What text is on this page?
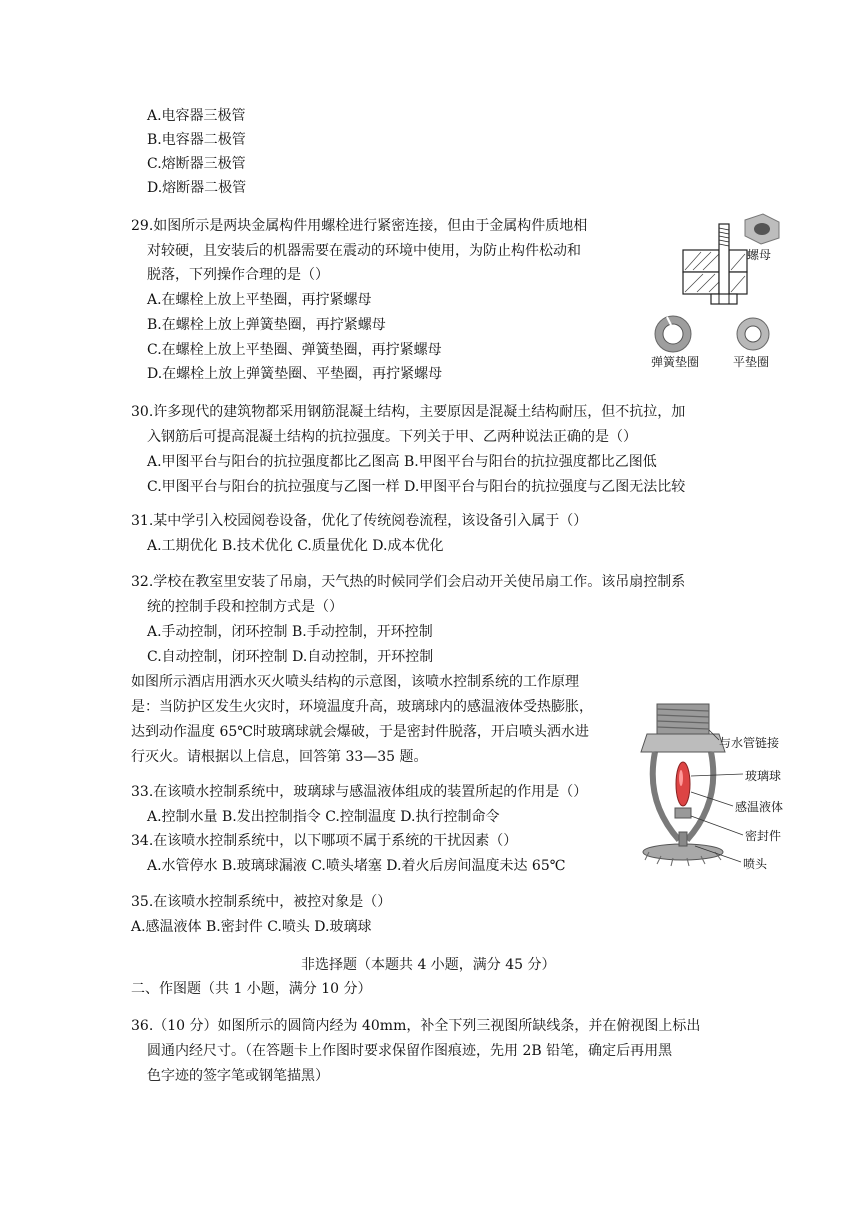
A.电容器三极管
B.电容器二极管
C.熔断器三极管
D.熔断器二极管
29.如图所示是两块金属构件用螺栓进行紧密连接，但由于金属构件质地相
对较硬，且安装后的机器需要在震动的环境中使用，为防止构件松动和
脱落，下列操作合理的是（）
A.在螺栓上放上平垫圈，再拧紧螺母
B.在螺栓上放上弹簧垫圈，再拧紧螺母
C.在螺栓上放上平垫圈、弹簧垫圈，再拧紧螺母
D.在螺栓上放上弹簧垫圈、平垫圈，再拧紧螺母
螺母
弹簧垫圈	平垫圈
30.许多现代的建筑物都采用钢筋混凝土结构，主要原因是混凝土结构耐压，但不抗拉，加
入钢筋后可提高混凝土结构的抗拉强度。下列关于甲、乙两种说法正确的是（）
A.甲图平台与阳台的抗拉强度都比乙图高 B.甲图平台与阳台的抗拉强度都比乙图低
C.甲图平台与阳台的抗拉强度与乙图一样 D.甲图平台与阳台的抗拉强度与乙图无法比较
31.某中学引入校园阅卷设备，优化了传统阅卷流程，该设备引入属于（）
A.工期优化 B.技术优化 C.质量优化 D.成本优化
32.学校在教室里安装了吊扇，天气热的时候同学们会启动开关使吊扇工作。该吊扇控制系
统的控制手段和控制方式是（）
A.手动控制，闭环控制 B.手动控制，开环控制
C.自动控制，闭环控制 D.自动控制，开环控制
如图所示酒店用洒水灭火喷头结构的示意图，该喷水控制系统的工作原理
是：当防护区发生火灾时，环境温度升高，玻璃球内的感温液体受热膨胀，
达到动作温度 65℃时玻璃球就会爆破，于是密封件脱落，开启喷头洒水进
行灭火。请根据以上信息，回答第 33—35 题。
与水管链接
玻璃球
感温液体
密封件
喷头
33.在该喷水控制系统中，玻璃球与感温液体组成的装置所起的作用是（）
A.控制水量 B.发出控制指令 C.控制温度 D.执行控制命令
34.在该喷水控制系统中，以下哪项不属于系统的干扰因素（）
A.水管停水 B.玻璃球漏液 C.喷头堵塞 D.着火后房间温度未达 65℃
35.在该喷水控制系统中，被控对象是（）
A.感温液体 B.密封件 C.喷头 D.玻璃球
非选择题（本题共 4 小题，满分 45 分）
二、作图题（共 1 小题，满分 10 分）
36.（10 分）如图所示的圆筒内经为 40mm，补全下列三视图所缺线条，并在俯视图上标出
圆通内经尺寸。（在答题卡上作图时要求保留作图痕迹，先用 2B 铅笔，确定后再用黑
色字迹的签字笔或钢笔描黑）
